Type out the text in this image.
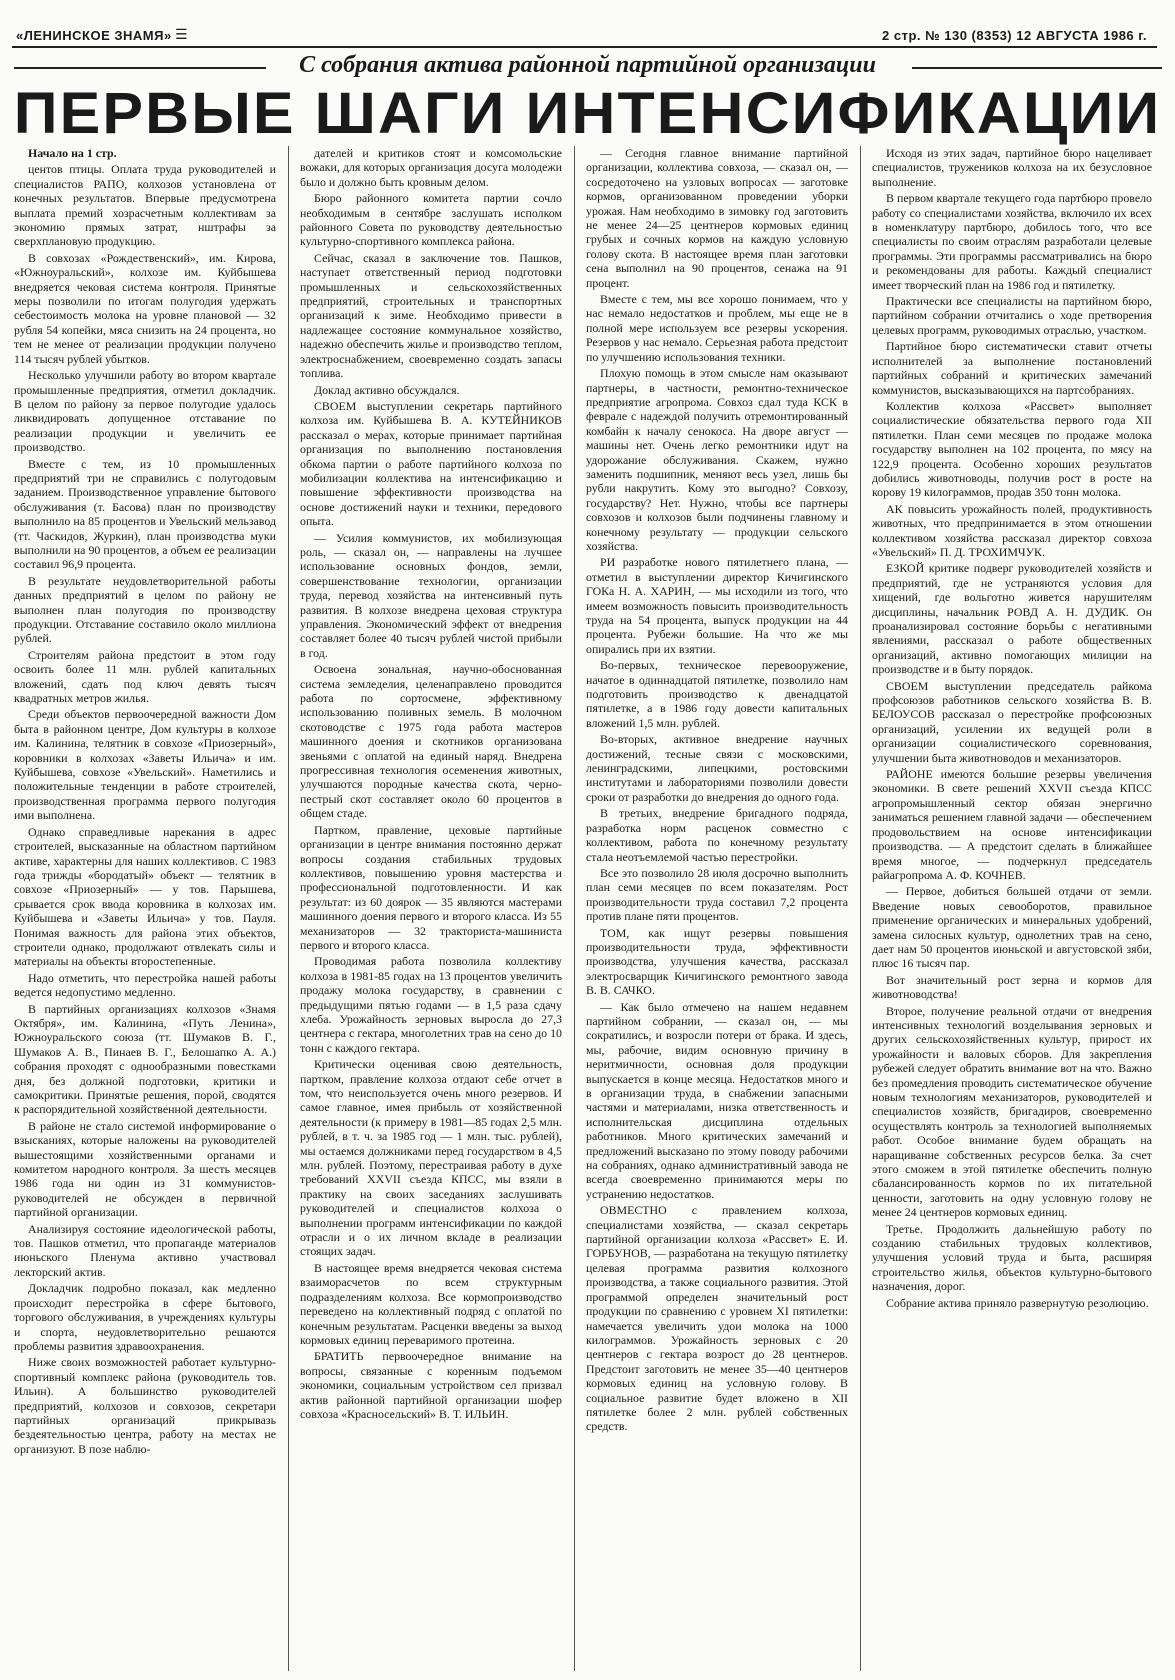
«ЛЕНИНСКОЕ ЗНАМЯ» ☰	2 стр. № 130 (8353) 12 АВГУСТА 1986 г.
С собрания актива районной партийной организации
ПЕРВЫЕ ШАГИ ИНТЕНСИФИКАЦИИ

Начало на 1 стр.

центов птицы. Оплата труда руководителей и специалистов РАПО, колхозов установлена от конечных результатов. Впервые предусмотрена выплата премий хозрасчетным коллективам за экономию прямых затрат, нштрафы за сверхплановую продукцию.

В совхозах «Рождественский», им. Кирова, «Южноуральский», колхозе им. Куйбышева внедряется чековая система контроля. Принятые меры позволили по итогам полугодия удержать себестоимость молока на уровне плановой — 32 рубля 54 копейки, мяса снизить на 24 процента, но тем не менее от реализации продукции получено 114 тысяч рублей убытков.

Несколько улучшили работу во втором квартале промышленные предприятия, отметил докладчик. В целом по району за первое полугодие удалось ликвидировать допущенное отставание по реализации продукции и увеличить ее производство.

Вместе с тем, из 10 промышленных предприятий три не справились с полугодовым заданием. Производственное управление бытового обслуживания (т. Басова) план по производству выполнило на 85 процентов и Увельский мельзавод (тт. Часкидов, Журкин), план производства муки выполнили на 90 процентов, а объем ее реализации составил 96,9 процента.

В результате неудовлетворительной работы данных предприятий в целом по району не выполнен план полугодия по производству продукции. Отставание составило около миллиона рублей.

Строителям района предстоит в этом году освоить более 11 млн. рублей капитальных вложений, сдать под ключ девять тысяч квадратных метров жилья.

Среди объектов первоочередной важности Дом быта в районном центре, Дом культуры в колхозе им. Калинина, телятник в совхозе «Приозерный», коровники в колхозах «Заветы Ильича» и им. Куйбышева, совхозе «Увельский». Наметились и положительные тенденции в работе строителей, производственная программа первого полугодия ими выполнена.

Однако справедливые нарекания в адрес строителей, высказанные на областном партийном активе, характерны для наших коллективов. С 1983 года трижды «бородатый» объект — телятник в совхозе «Приозерный» — у тов. Парышева, срывается срок ввода коровника в колхозах им. Куйбышева и «Заветы Ильича» у тов. Пауля. Понимая важность для района этих объектов, строители однако, продолжают отвлекать силы и материалы на объекты второстепенные.

Надо отметить, что перестройка нашей работы ведется недопустимо медленно.

В партийных организациях колхозов «Знамя Октября», им. Калинина, «Путь Ленина», Южноуральского союза (тт. Шумаков В. Г., Шумаков А. В., Пинаев В. Г., Белошапко А. А.) собрания проходят с однообразными повестками дня, без должной подготовки, критики и самокритики. Принятые решения, порой, сводятся к распорядительной хозяйственной деятельности.

В районе не стало системой информирование о взысканиях, которые наложены на руководителей вышестоящими хозяйственными органами и комитетом народного контроля. За шесть месяцев 1986 года ни один из 31 коммунистов-руководителей не обсужден в первичной партийной организации.

Анализируя состояние идеологической работы, тов. Пашков отметил, что пропаганде материалов июньского Пленума активно участвовал лекторский актив.

Докладчик подробно показал, как медленно происходит перестройка в сфере бытового, торгового обслуживания, в учреждениях культуры и спорта, неудовлетворительно решаются проблемы развития здравоохранения.

Ниже своих возможностей работает культурно-спортивный комплекс района (руководитель тов. Ильин). А большинство руководителей предприятий, колхозов и совхозов, секретари партийных организаций прикрывазь бездеятельностью центра, работу на местах не организуют. В позе наблю-

дателей и критиков стоят и комсомольские вожаки, для которых организация досуга молодежи было и должно быть кровным делом.

Бюро районного комитета партии сочло необходимым в сентябре заслушать исполком районного Совета по руководству деятельностью культурно-спортивного комплекса района.

Сейчас, сказал в заключение тов. Пашков, наступает ответственный период подготовки промышленных и сельскохозяйственных предприятий, строительных и транспортных организаций к зиме. Необходимо привести в надлежащее состояние коммунальное хозяйство, надежно обеспечить жилье и производство теплом, электроснабжением, своевременно создать запасы топлива.

Доклад активно обсуждался.

СВОЕМ выступлении секретарь партийного колхоза им. Куйбышева В. А. КУТЕЙНИКОВ рассказал о мерах, которые принимает партийная организация по выполнению постановления обкома партии о работе партийного колхоза по мобилизации коллектива на интенсификацию и повышение эффективности производства на основе достижений науки и техники, передового опыта.

— Усилия коммунистов, их мобилизующая роль, — сказал он, — направлены на лучшее использование основных фондов, земли, совершенствование технологии, организации труда, перевод хозяйства на интенсивный путь развития. В колхозе внедрена цеховая структура управления. Экономический эффект от внедрения составляет более 40 тысяч рублей чистой прибыли в год.

Освоена зональная, научно-обоснованная система земледелия, целенаправлено проводится работа по сортосмене, эффективному использованию поливных земель. В молочном скотоводстве с 1975 года работа мастеров машинного доения и скотников организована звеньями с оплатой на единый наряд. Внедрена прогрессивная технология осеменения животных, улучшаются породные качества скота, черно-пестрый скот составляет около 60 процентов в общем стаде.

Партком, правление, цеховые партийные организации в центре внимания постоянно держат вопросы создания стабильных трудовых коллективов, повышению уровня мастерства и профессиональной подготовленности. И как результат: из 60 доярок — 35 являются мастерами машинного доения первого и второго класса. Из 55 механизаторов — 32 тракториста-машиниста первого и второго класса.

Проводимая работа позволила коллективу колхоза в 1981-85 годах на 13 процентов увеличить продажу молока государству, в сравнении с предыдущими пятью годами — в 1,5 раза сдачу хлеба. Урожайность зерновых выросла до 27,3 центнера с гектара, многолетних трав на сено до 10 тонн с каждого гектара.

Критически оценивая свою деятельность, партком, правление колхоза отдают себе отчет в том, что неиспользуется очень много резервов. И самое главное, имея прибыль от хозяйственной деятельности (к примеру в 1981—85 годах 2,5 млн. рублей, в т. ч. за 1985 год — 1 млн. тыс. рублей), мы остаемся должниками перед государством в 4,5 млн. рублей. Поэтому, перестраивая работу в духе требований XXVII съезда КПСС, мы взяли в практику на своих заседаниях заслушивать руководителей и специалистов колхоза о выполнении программ интенсификации по каждой отрасли и о их личном вкладе в реализации стоящих задач.

В настоящее время внедряется чековая система взаиморасчетов по всем структурным подразделениям колхоза. Все кормопроизводство переведено на коллективный подряд с оплатой по конечным результатам. Расценки введены за выход кормовых единиц переваримого протеина.

БРАТИТЬ первоочередное внимание на вопросы, связанные с коренным подъемом экономики, социальным устройством сел призвал актив районной партийной организации шофер совхоза «Красносельский» В. Т. ИЛЬИН.

— Сегодня главное внимание партийной организации, коллектива совхоза, — сказал он, — сосредоточено на узловых вопросах — заготовке кормов, организованном проведении уборки урожая. Нам необходимо в зимовку год заготовить не менее 24—25 центнеров кормовых единиц грубых и сочных кормов на каждую условную голову скота. В настоящее время план заготовки сена выполнил на 90 процентов, сенажа на 91 процент.

Вместе с тем, мы все хорошо понимаем, что у нас немало недостатков и проблем, мы еще не в полной мере используем все резервы ускорения. Резервов у нас немало. Серьезная работа предстоит по улучшению использования техники.

Плохую помощь в этом смысле нам оказывают партнеры, в частности, ремонтно-техническое предприятие агропрома. Совхоз сдал туда КСК в феврале с надеждой получить отремонтированный комбайн к началу сенокоса. На дворе август — машины нет. Очень легко ремонтники идут на удорожание обслуживания. Скажем, нужно заменить подшипник, меняют весь узел, лишь бы рубли накрутить. Кому это выгодно? Совхозу, государству? Нет. Нужно, чтобы все партнеры совхозов и колхозов были подчинены главному и конечному результату — продукции сельского хозяйства.

РИ разработке нового пятилетнего плана, — отметил в выступлении директор Кичигинского ГОКа Н. А. ХАРИН, — мы исходили из того, что имеем возможность повысить производительность труда на 54 процента, выпуск продукции на 44 процента. Рубежи большие. На что же мы опирались при их взятии.

Во-первых, техническое перевооружение, начатое в одиннадцатой пятилетке, позволило нам подготовить производство к двенадцатой пятилетке, а в 1986 году довести капитальных вложений 1,5 млн. рублей.

Во-вторых, активное внедрение научных достижений, тесные связи с московскими, ленинградскими, липецкими, ростовскими институтами и лабораториями позволили довести сроки от разработки до внедрения до одного года.

В третьих, внедрение бригадного подряда, разработка норм расценок совместно с коллективом, работа по конечному результату стала неотъемлемой частью перестройки.

Все это позволило 28 июля досрочно выполнить план семи месяцев по всем показателям. Рост производительности труда составил 7,2 процента против плане пяти процентов.

ТОМ, как ищут резервы повышения производительности труда, эффективности производства, улучшения качества, рассказал электросварщик Кичигинского ремонтного завода В. В. САЧКО.

— Как было отмечено на нашем недавнем партийном собрании, — сказал он, — мы сократились, и возросли потери от брака. И здесь, мы, рабочие, видим основную причину в неритмичности, основная доля продукции выпускается в конце месяца. Недостатков много и в организации труда, в снабжении запасными частями и материалами, низка ответственность и исполнительская дисциплина отдельных работников. Много критических замечаний и предложений высказано по этому поводу рабочими на собраниях, однако административный завода не всегда своевременно принимаются меры по устранению недостатков.

ОВМЕСТНО с правлением колхоза, специалистами хозяйства, — сказал секретарь партийной организации колхоза «Рассвет» Е. И. ГОРБУНОВ, — разработана на текущую пятилетку целевая программа развития колхозного производства, а также социального развития. Этой программой определен значительный рост продукции по сравнению с уровнем XI пятилетки: намечается увеличить удои молока на 1000 килограммов. Урожайность зерновых с 20 центнеров с гектара возрост до 28 центнеров. Предстоит заготовить не менее 35—40 центнеров кормовых единиц на условную голову. В социальное развитие будет вложено в XII пятилетке более 2 млн. рублей собственных средств.

Исходя из этих задач, партийное бюро нацеливает специалистов, тружеников колхоза на их безусловное выполнение.

В первом квартале текущего года партбюро провело работу со специалистами хозяйства, включило их всех в номенклатуру партбюро, добилось того, что все специалисты по своим отраслям разработали целевые программы. Эти программы рассматривались на бюро и рекомендованы для работы. Каждый специалист имеет творческий план на 1986 год и пятилетку.

Практически все специалисты на партийном бюро, партийном собрании отчитались о ходе претворения целевых программ, руководимых отраслью, участком.

Партийное бюро систематически ставит отчеты исполнителей за выполнение постановлений партийных собраний и критических замечаний коммунистов, высказывающихся на партсобраниях.

Коллектив колхоза «Рассвет» выполняет социалистические обязательства первого года XII пятилетки. План семи месяцев по продаже молока государству выполнен на 102 процента, по мясу на 122,9 процента. Особенно хороших результатов добились животноводы, получив рост в росте на корову 19 килограммов, продав 350 тонн молока.

АК повысить урожайность полей, продуктивность животных, что предпринимается в этом отношении коллективом хозяйства рассказал директор совхоза «Увельский» П. Д. ТРОХИМЧУК.

ЕЗКОЙ критике подверг руководителей хозяйств и предприятий, где не устраняются условия для хищений, где вольготно живется нарушителям дисциплины, начальник РОВД А. Н. ДУДИК. Он проанализировал состояние борьбы с негативными явлениями, рассказал о работе общественных организаций, активно помогающих милиции на производстве и в быту порядок.

СВОЕМ выступлении председатель райкома профсоюзов работников сельского хозяйства В. В. БЕЛОУСОВ рассказал о перестройке профсоюзных организаций, усилении их ведущей роли в организации социалистического соревнования, улучшении быта животноводов и механизаторов.

РАЙОНЕ имеются большие резервы увеличения экономики. В свете решений XXVII съезда КПСС агропромышленный сектор обязан энергично заниматься решением главной задачи — обеспечением продовольствием на основе интенсификации производства. — А предстоит сделать в ближайшее время многое, — подчеркнул председатель райагропрома А. Ф. КОЧНЕВ.

— Первое, добиться большей отдачи от земли. Введение новых севооборотов, правильное применение органических и минеральных удобрений, замена силосных культур, однолетних трав на сено, дает нам 50 процентов июньской и августовской зяби, плюс 16 тысяч пар.

Вот значительный рост зерна и кормов для животноводства!

Второе, получение реальной отдачи от внедрения интенсивных технологий возделывания зерновых и других сельскохозяйственных культур, прирост их урожайности и валовых сборов. Для закрепления рубежей следует обратить внимание вот на что. Важно без промедления проводить систематическое обучение новым технологиям механизаторов, руководителей и специалистов хозяйств, бригадиров, своевременно осуществлять контроль за технологией выполняемых работ. Особое внимание будем обращать на наращивание собственных ресурсов белка. За счет этого сможем в этой пятилетке обеспечить полную сбалансированность кормов по их питательной ценности, заготовить на одну условную голову не менее 24 центнеров кормовых единиц.

Третье. Продолжить дальнейшую работу по созданию стабильных трудовых коллективов, улучшения условий труда и быта, расширяя строительство жилья, объектов культурно-бытового назначения, дорог.

Собрание актива приняло развернутую резолюцию.
